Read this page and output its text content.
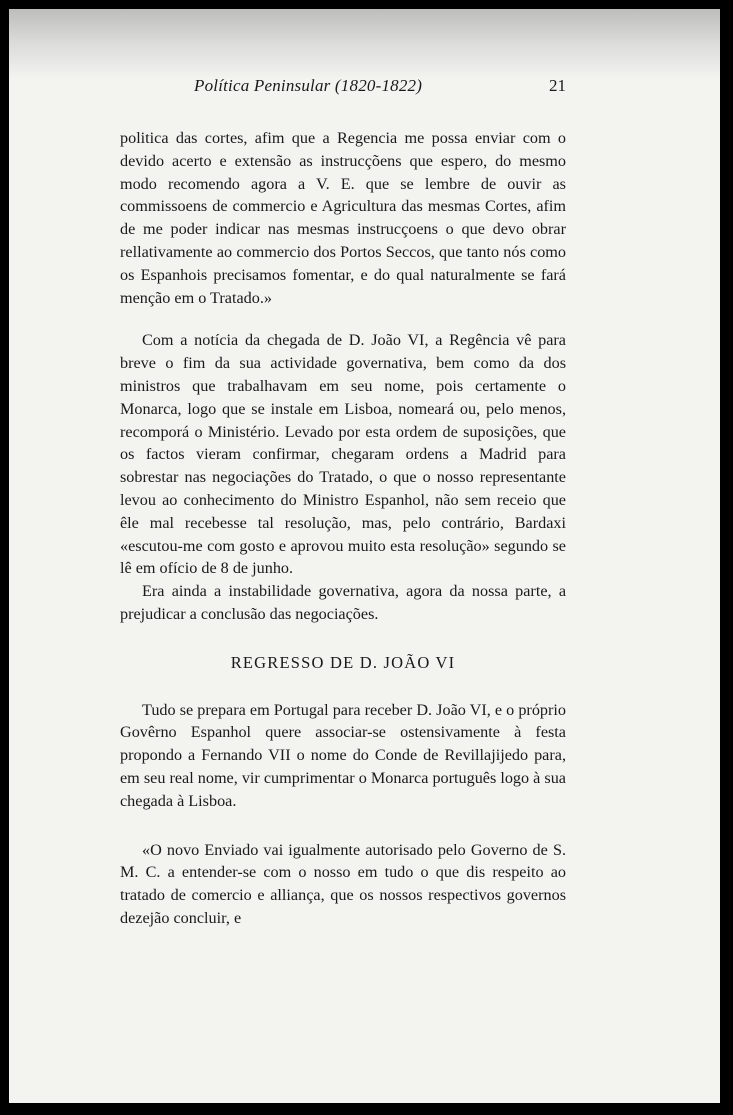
Política Peninsular (1820-1822)	21

politica das cortes, afim que a Regencia me possa enviar com o devido acerto e extensão as instrucçõens que espero, do mesmo modo recomendo agora a V. E. que se lembre de ouvir as commissoens de commercio e Agricultura das mesmas Cortes, afim de me poder indicar nas mesmas instrucçoens o que devo obrar rellativamente ao commercio dos Portos Seccos, que tanto nós como os Espanhois precisamos fomentar, e do qual naturalmente se fará menção em o Tratado.»

Com a notícia da chegada de D. João VI, a Regência vê para breve o fim da sua actividade governativa, bem como da dos ministros que trabalhavam em seu nome, pois certamente o Monarca, logo que se instale em Lisboa, nomeará ou, pelo menos, recomporá o Ministério. Levado por esta ordem de suposições, que os factos vieram confirmar, chegaram ordens a Madrid para sobrestar nas negociações do Tratado, o que o nosso representante levou ao conhecimento do Ministro Espanhol, não sem receio que êle mal recebesse tal resolução, mas, pelo contrário, Bardaxi «escutou-me com gosto e aprovou muito esta resolução» segundo se lê em ofício de 8 de junho.

Era ainda a instabilidade governativa, agora da nossa parte, a prejudicar a conclusão das negociações.

REGRESSO DE D. JOÃO VI

Tudo se prepara em Portugal para receber D. João VI, e o próprio Govêrno Espanhol quere associar-se ostensivamente à festa propondo a Fernando VII o nome do Conde de Revillajijedo para, em seu real nome, vir cumprimentar o Monarca português logo à sua chegada à Lisboa.

«O novo Enviado vai igualmente autorisado pelo Governo de S. M. C. a entender-se com o nosso em tudo o que dis respeito ao tratado de comercio e alliança, que os nossos respectivos governos dezejão concluir, e
